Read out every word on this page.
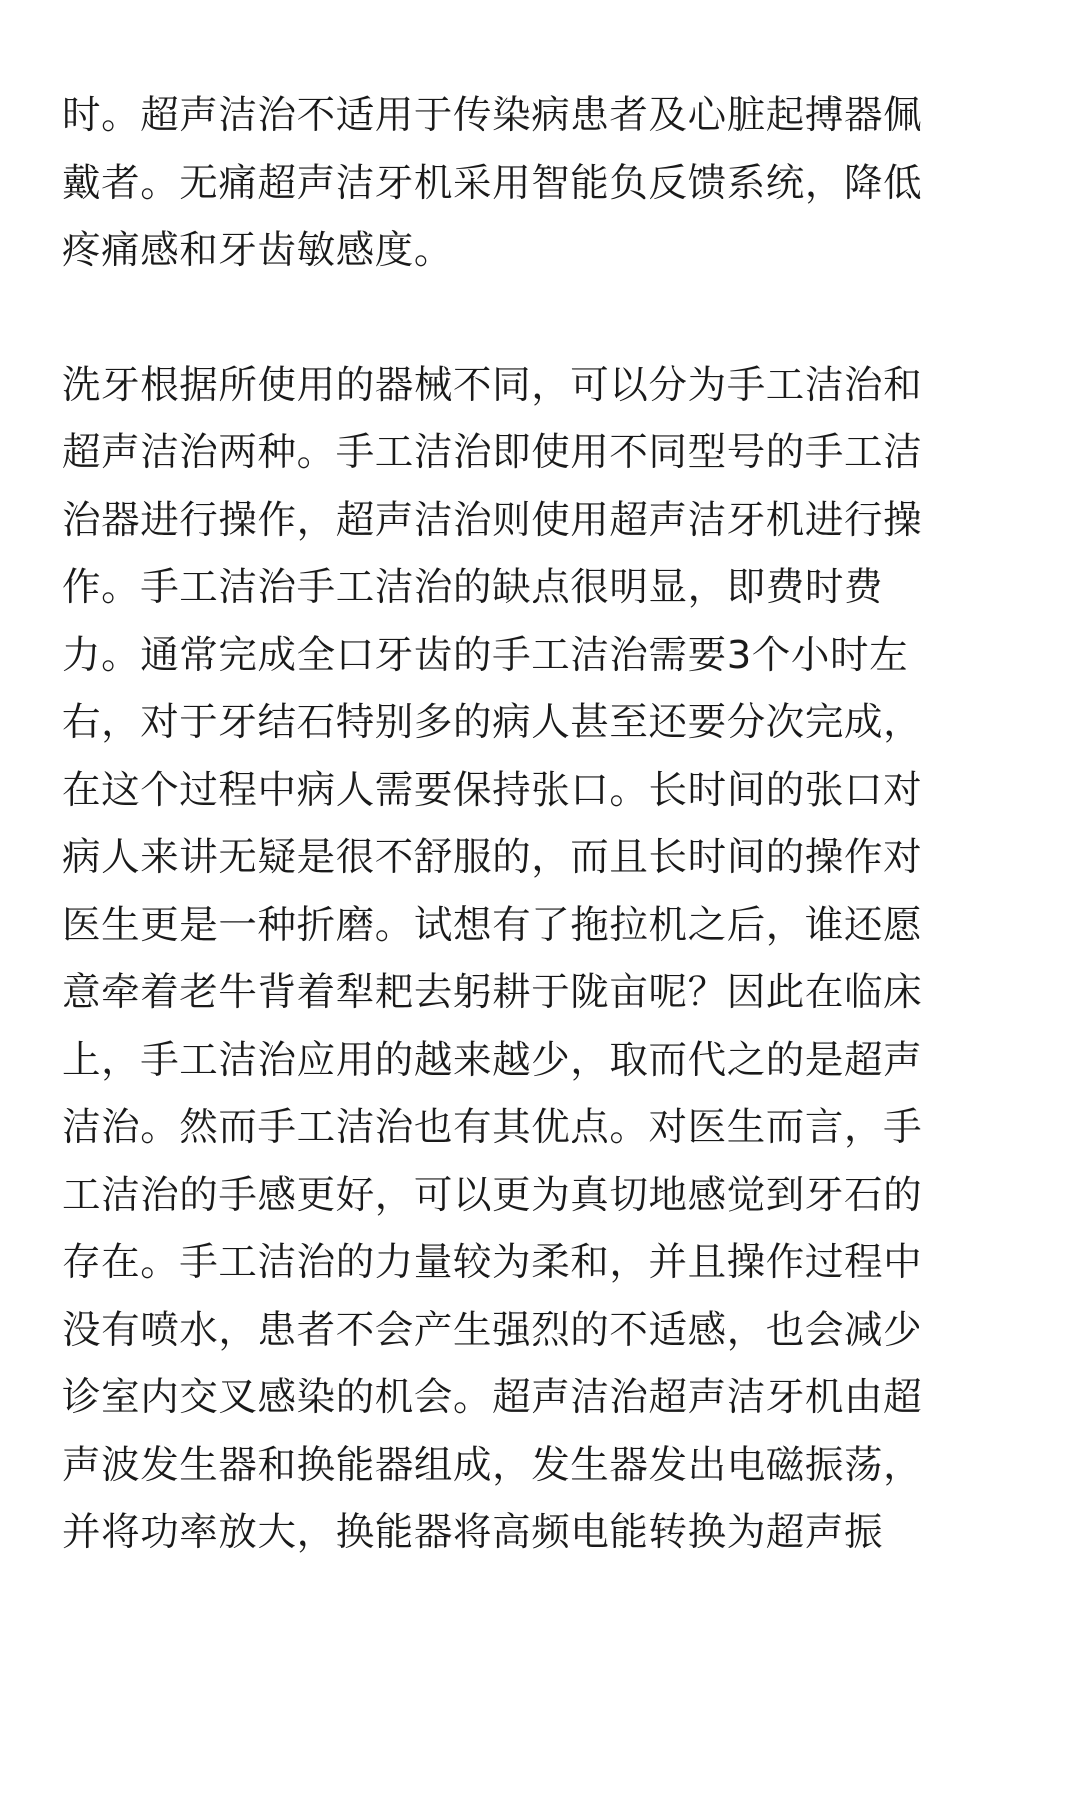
时。超声洁治不适用于传染病患者及心脏起搏器佩
戴者。无痛超声洁牙机采用智能负反馈系统，降低
疼痛感和牙齿敏感度。

洗牙根据所使用的器械不同，可以分为手工洁治和
超声洁治两种。手工洁治即使用不同型号的手工洁
治器进行操作，超声洁治则使用超声洁牙机进行操
作。手工洁治手工洁治的缺点很明显，即费时费
力。通常完成全口牙齿的手工洁治需要3个小时左
右，对于牙结石特别多的病人甚至还要分次完成，
在这个过程中病人需要保持张口。长时间的张口对
病人来讲无疑是很不舒服的，而且长时间的操作对
医生更是一种折磨。试想有了拖拉机之后，谁还愿
意牵着老牛背着犁耙去躬耕于陇亩呢？因此在临床
上，手工洁治应用的越来越少，取而代之的是超声
洁治。然而手工洁治也有其优点。对医生而言，手
工洁治的手感更好，可以更为真切地感觉到牙石的
存在。手工洁治的力量较为柔和，并且操作过程中
没有喷水，患者不会产生强烈的不适感，也会减少
诊室内交叉感染的机会。超声洁治超声洁牙机由超
声波发生器和换能器组成，发生器发出电磁振荡，
并将功率放大，换能器将高频电能转换为超声振
